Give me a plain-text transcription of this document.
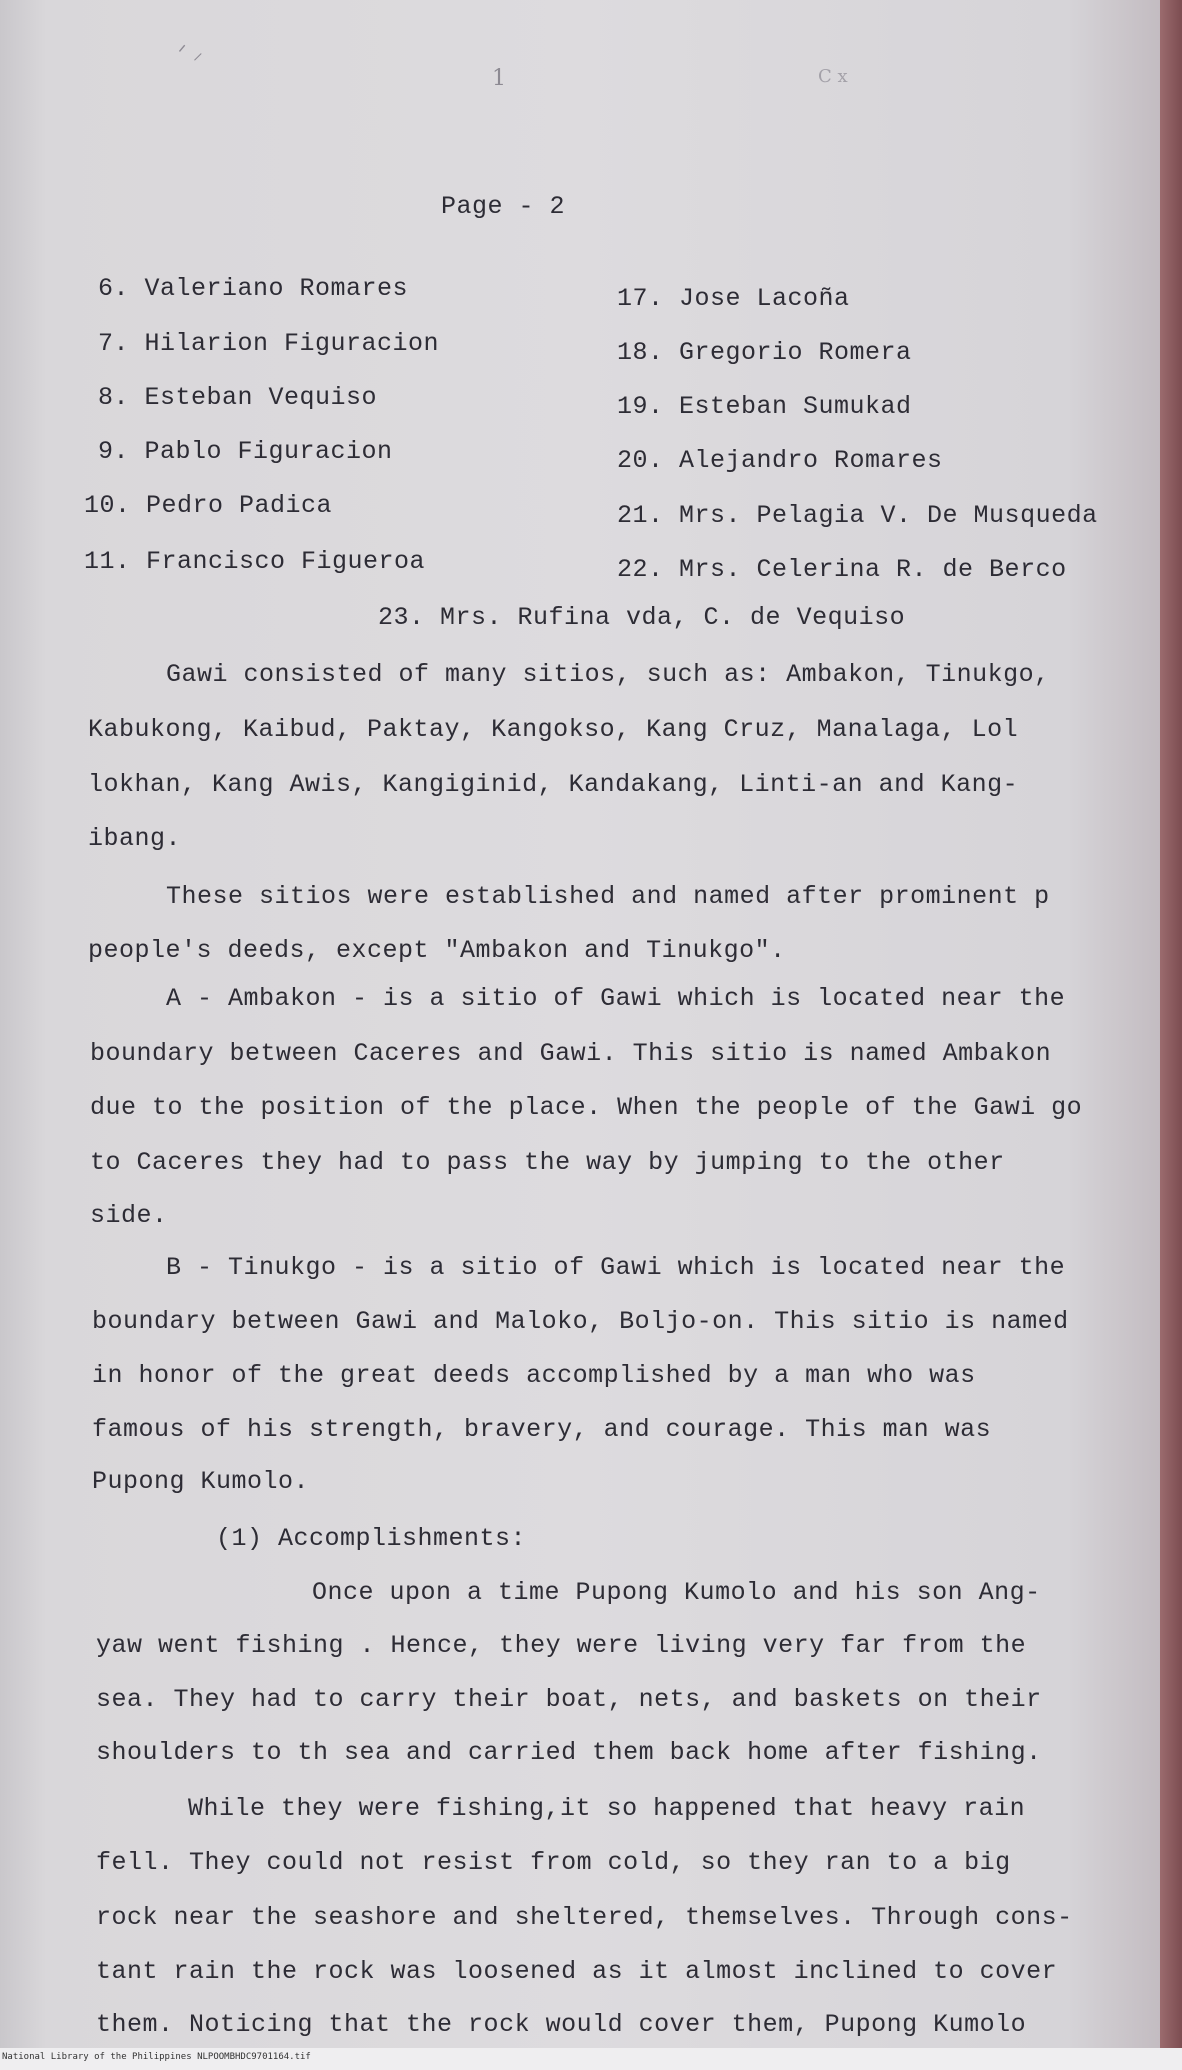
ᐟ ⸝
1	C x
Page - 2
6. Valeriano Romares
7. Hilarion Figuracion
8. Esteban Vequiso
9. Pablo Figuracion
10. Pedro Padica
11. Francisco Figueroa
17. Jose Lacoña
18. Gregorio Romera
19. Esteban Sumukad
20. Alejandro Romares
21. Mrs. Pelagia V. De Musqueda
22. Mrs. Celerina R. de Berco
23. Mrs. Rufina vda, C. de Vequiso
Gawi consisted of many sitios, such as: Ambakon, Tinukgo,
Kabukong, Kaibud, Paktay, Kangokso, Kang Cruz, Manalaga, Lol
lokhan, Kang Awis, Kangiginid, Kandakang, Linti-an and Kang-
ibang.
These sitios were established and named after prominent p
people's deeds, except "Ambakon and Tinukgo".
A - Ambakon - is a sitio of Gawi which is located near the
boundary between Caceres and Gawi. This sitio is named Ambakon
due to the position of the place. When the people of the Gawi go
to Caceres they had to pass the way by jumping to the other
side.
B - Tinukgo - is a sitio of Gawi which is located near the
boundary between Gawi and Maloko, Boljo-on. This sitio is named
in honor of the great deeds accomplished by a man who was
famous of his strength, bravery, and courage. This man was
Pupong Kumolo.
(1) Accomplishments:
Once upon a time Pupong Kumolo and his son Ang-
yaw went fishing . Hence, they were living very far from the
sea. They had to carry their boat, nets, and baskets on their
shoulders to th sea and carried them back home after fishing.
While they were fishing,it so happened that heavy rain
fell. They could not resist from cold, so they ran to a big
rock near the seashore and sheltered, themselves. Through cons-
tant rain the rock was loosened as it almost inclined to cover
them. Noticing that the rock would cover them, Pupong Kumolo
National Library of the Philippines NLPOOMBHDC9701164.tif
